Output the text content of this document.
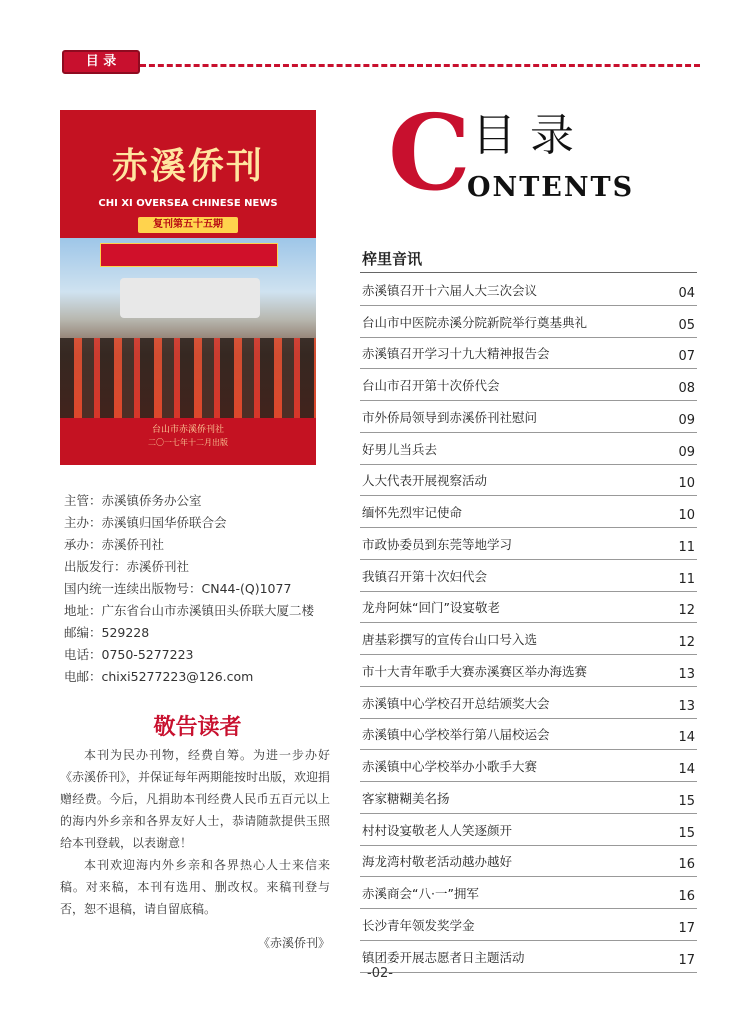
目 录
赤溪侨刊
CHI XI OVERSEA CHINESE NEWS
复刊第五十五期
台山市赤溪侨刊社
二〇一七年十二月出版
主管：赤溪镇侨务办公室
主办：赤溪镇归国华侨联合会
承办：赤溪侨刊社
出版发行：赤溪侨刊社
国内统一连续出版物号：CN44-(Q)1077
地址：广东省台山市赤溪镇田头侨联大厦二楼
邮编：529228
电话：0750-5277223
电邮：chixi5277223@126.com
敬告读者

本刊为民办刊物，经费自筹。为进一步办好《赤溪侨刊》，并保证每年两期能按时出版，欢迎捐赠经费。今后，凡捐助本刊经费人民币五百元以上的海内外乡亲和各界友好人士，恭请随款提供玉照给本刊登载，以表谢意！

本刊欢迎海内外乡亲和各界热心人士来信来稿。对来稿，本刊有选用、删改权。来稿刊登与否，恕不退稿，请自留底稿。

《赤溪侨刊》
C 目录
ONTENTS
梓里音讯
赤溪镇召开十六届人大三次会议	04
台山市中医院赤溪分院新院举行奠基典礼	05
赤溪镇召开学习十九大精神报告会	07
台山市召开第十次侨代会	08
市外侨局领导到赤溪侨刊社慰问	09
好男儿当兵去	09
人大代表开展视察活动	10
缅怀先烈牢记使命	10
市政协委员到东莞等地学习	11
我镇召开第十次妇代会	11
龙舟阿妹“回门”设宴敬老	12
唐基彩撰写的宣传台山口号入选	12
市十大青年歌手大赛赤溪赛区举办海选赛	13
赤溪镇中心学校召开总结颁奖大会	13
赤溪镇中心学校举行第八届校运会	14
赤溪镇中心学校举办小歌手大赛	14
客家糖糊美名扬	15
村村设宴敬老人人笑逐颜开	15
海龙湾村敬老活动越办越好	16
赤溪商会“八·一”拥军	16
长沙青年领发奖学金	17
镇团委开展志愿者日主题活动	17
-02-
